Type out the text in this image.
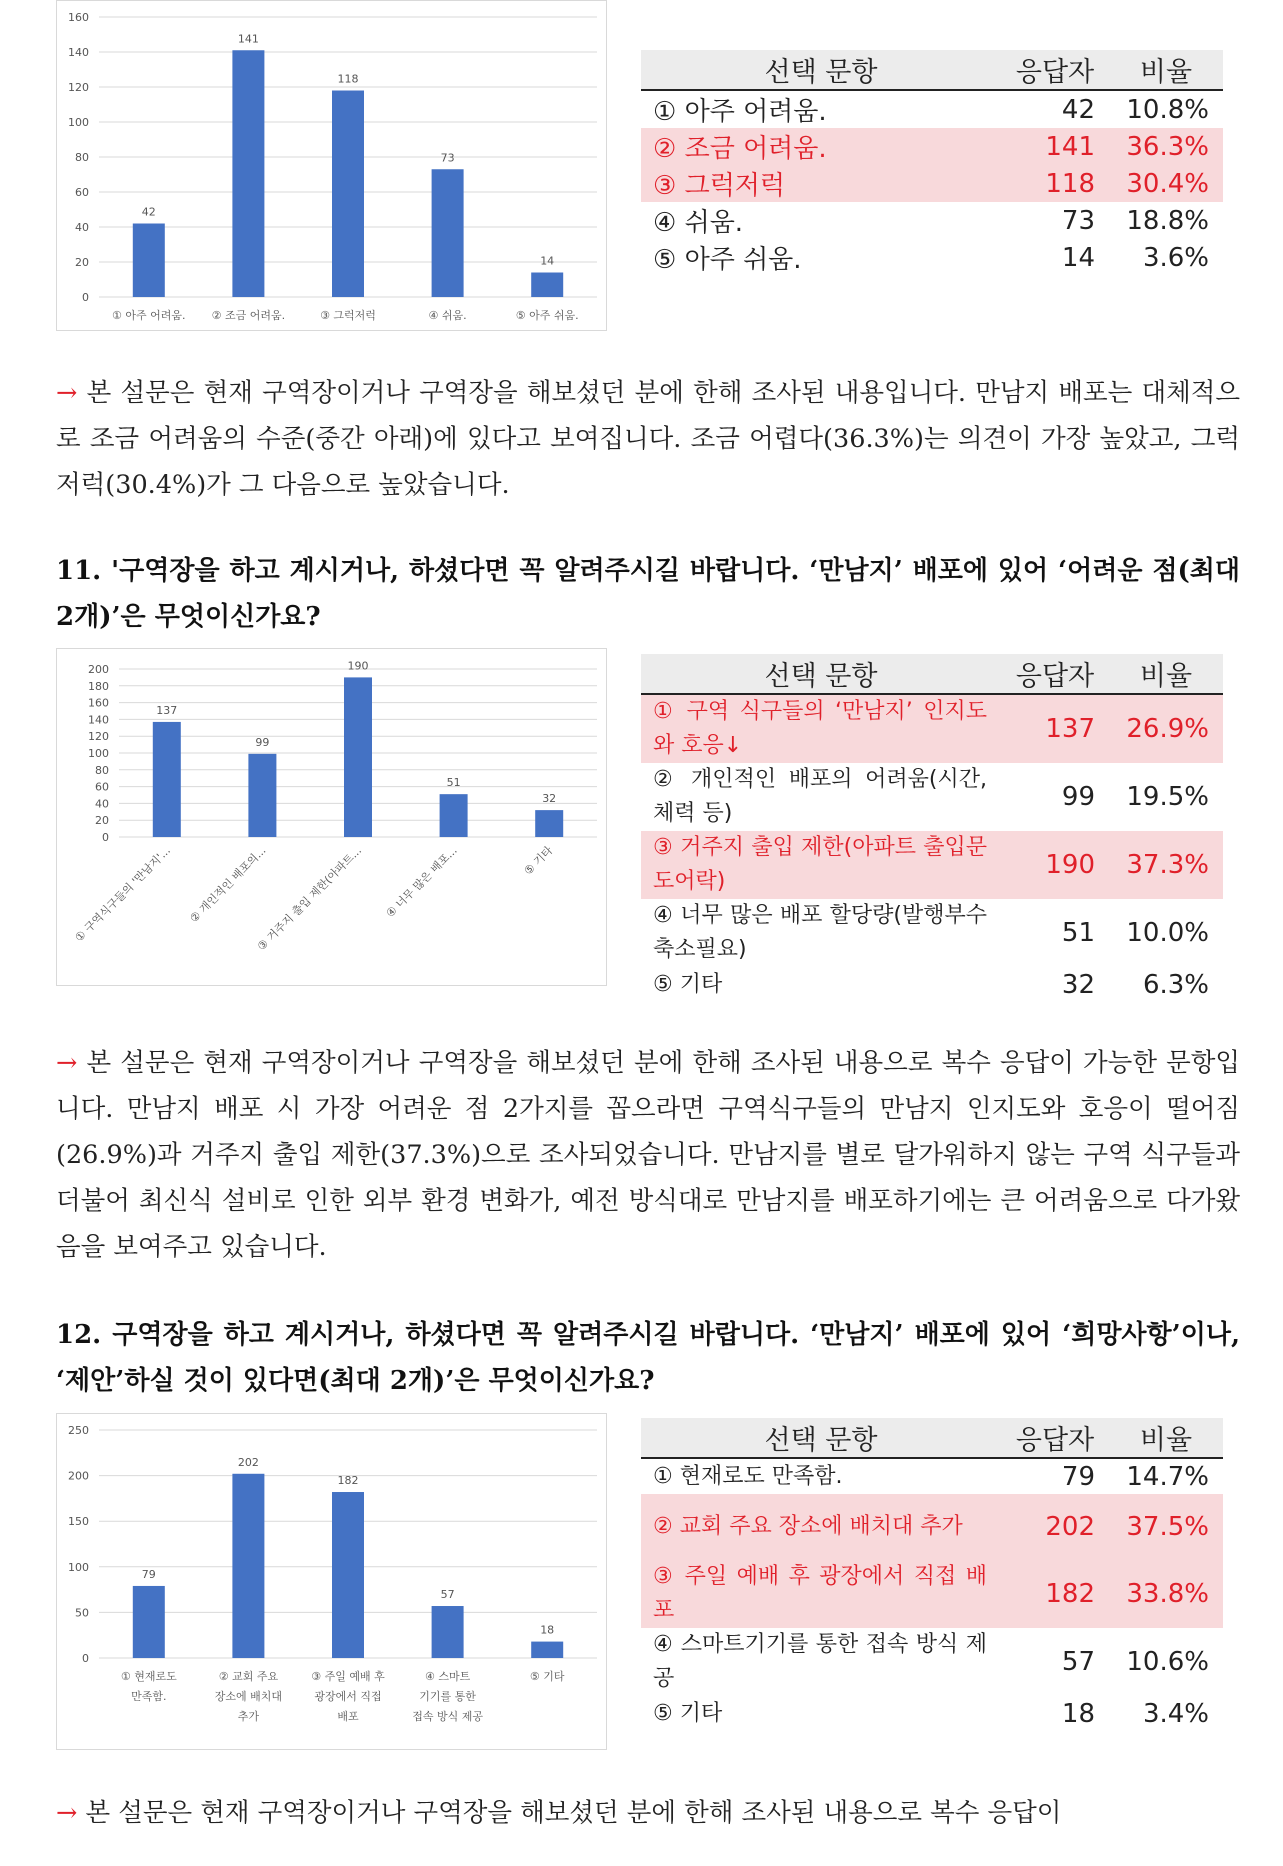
0
20
40
60
80
100
120
140
160
42
① 아주 어려움.
141
② 조금 어려움.
118
③ 그럭저럭
73
④ 쉬움.
14
⑤ 아주 쉬움.
선택 문항	응답자	비율
① 아주 어려움.	42	10.8%
② 조금 어려움.	141	36.3%
③ 그럭저럭	118	30.4%
④ 쉬움.	73	18.8%
⑤ 아주 쉬움.	14	3.6%

→ 본 설문은 현재 구역장이거나 구역장을 해보셨던 분에 한해 조사된 내용입니다. 만남지 배포는 대체적으로 조금 어려움의 수준(중간 아래)에 있다고 보여집니다. 조금 어렵다(36.3%)는 의견이 가장 높았고, 그럭저럭(30.4%)가 그 다음으로 높았습니다.

11. '구역장을 하고 계시거나, 하셨다면 꼭 알려주시길 바랍니다. ‘만남지’ 배포에 있어 ‘어려운 점(최대 2개)’은 무엇이신가요?

0
20
40
60
80
100
120
140
160
180
200
137
① 구역식구들의 '만남지'...
99
② 개인적인 배포의...
190
③ 거주지 출입 제한(아파트...
51
④ 너무 많은 배포...
32
⑤ 기타
선택 문항	응답자	비율
① 구역 식구들의 ‘만남지’ 인지도와 호응↓	137	26.9%
② 개인적인 배포의 어려움(시간, 체력 등)	99	19.5%
③ 거주지 출입 제한(아파트 출입문 도어락)	190	37.3%
④ 너무 많은 배포 할당량(발행부수 축소필요)	51	10.0%
⑤ 기타	32	6.3%

→ 본 설문은 현재 구역장이거나 구역장을 해보셨던 분에 한해 조사된 내용으로 복수 응답이 가능한 문항입니다. 만남지 배포 시 가장 어려운 점 2가지를 꼽으라면 구역식구들의 만남지 인지도와 호응이 떨어짐(26.9%)과 거주지 출입 제한(37.3%)으로 조사되었습니다. 만남지를 별로 달가워하지 않는 구역 식구들과 더불어 최신식 설비로 인한 외부 환경 변화가, 예전 방식대로 만남지를 배포하기에는 큰 어려움으로 다가왔음을 보여주고 있습니다.

12. 구역장을 하고 계시거나, 하셨다면 꼭 알려주시길 바랍니다. ‘만남지’ 배포에 있어 ‘희망사항’이나, ‘제안’하실 것이 있다면(최대 2개)’은 무엇이신가요?

0
50
100
150
200
250
79
① 현재로도
만족함.
202
② 교회 주요
장소에 배치대
추가
182
③ 주일 예배 후
광장에서 직접
배포
57
④ 스마트
기기를 통한
접속 방식 제공
18
⑤ 기타
선택 문항	응답자	비율
① 현재로도 만족함.	79	14.7%
② 교회 주요 장소에 배치대 추가	202	37.5%
③ 주일 예배 후 광장에서 직접 배포	182	33.8%
④ 스마트기기를 통한 접속 방식 제공	57	10.6%
⑤ 기타	18	3.4%

→ 본 설문은 현재 구역장이거나 구역장을 해보셨던 분에 한해 조사된 내용으로 복수 응답이
